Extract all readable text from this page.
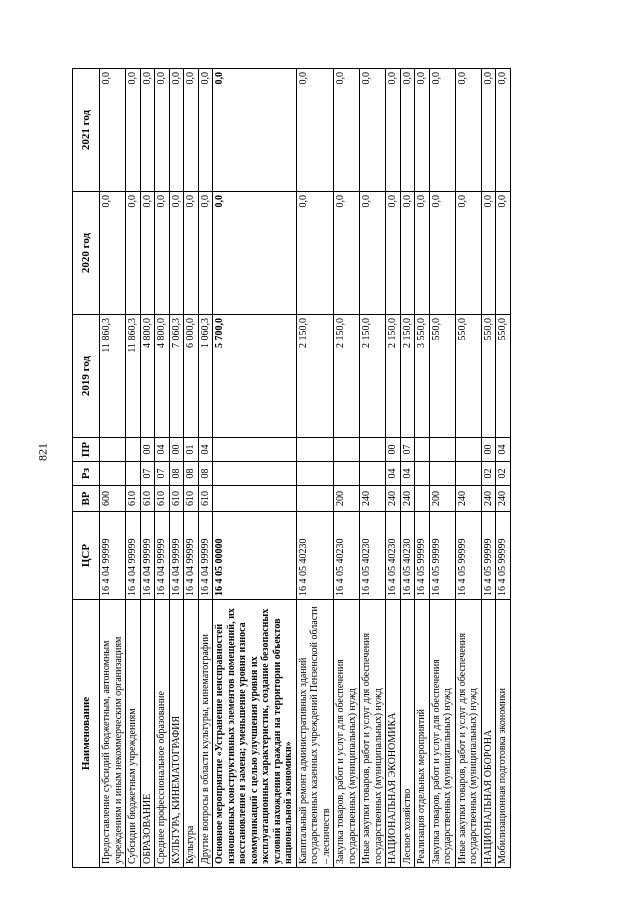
821
Наименование	ЦСР	ВР	Рз	ПР	2019 год	2020 год	2021 год
Предоставление субсидий бюджетным, автономным учреждениям и иным некоммерческим организациям	16 4 04 99999	600			11 860,3	0,0	0,0
Субсидии бюджетным учреждениям	16 4 04 99999	610			11 860,3	0,0	0,0
ОБРАЗОВАНИЕ	16 4 04 99999	610	07	00	4 800,0	0,0	0,0
Среднее профессиональное образование	16 4 04 99999	610	07	04	4 800,0	0,0	0,0
КУЛЬТУРА, КИНЕМАТОГРАФИЯ	16 4 04 99999	610	08	00	7 060,3	0,0	0,0
Культура	16 4 04 99999	610	08	01	6 000,0	0,0	0,0
Другие вопросы в области культуры, кинематографии	16 4 04 99999	610	08	04	1 060,3	0,0	0,0
Основное мероприятие «Устранение неисправностей изношенных конструктивных элементов помещений, их восстановление и замена; уменьшение уровня износа коммуникаций с целью улучшения уровня их эксплуатационных характеристик, создание безопасных условий нахождения граждан на территории объектов национальной экономики»	16 4 05 00000				5 700,0	0,0	0,0
Капитальный ремонт административных зданий государственных казенных учреждений Пензенской области – лесничеств	16 4 05 40230				2 150,0	0,0	0,0
Закупка товаров, работ и услуг для обеспечения государственных (муниципальных) нужд	16 4 05 40230	200			2 150,0	0,0	0,0
Иные закупки товаров, работ и услуг для обеспечения государственных (муниципальных) нужд	16 4 05 40230	240			2 150,0	0,0	0,0
НАЦИОНАЛЬНАЯ ЭКОНОМИКА	16 4 05 40230	240	04	00	2 150,0	0,0	0,0
Лесное хозяйство	16 4 05 40230	240	04	07	2 150,0	0,0	0,0
Реализация отдельных мероприятий	16 4 05 99999				3 550,0	0,0	0,0
Закупка товаров, работ и услуг для обеспечения государственных (муниципальных) нужд	16 4 05 99999	200			550,0	0,0	0,0
Иные закупки товаров, работ и услуг для обеспечения государственных (муниципальных) нужд	16 4 05 99999	240			550,0	0,0	0,0
НАЦИОНАЛЬНАЯ ОБОРОНА	16 4 05 99999	240	02	00	550,0	0,0	0,0
Мобилизационная подготовка экономики	16 4 05 99999	240	02	04	550,0	0,0	0,0
